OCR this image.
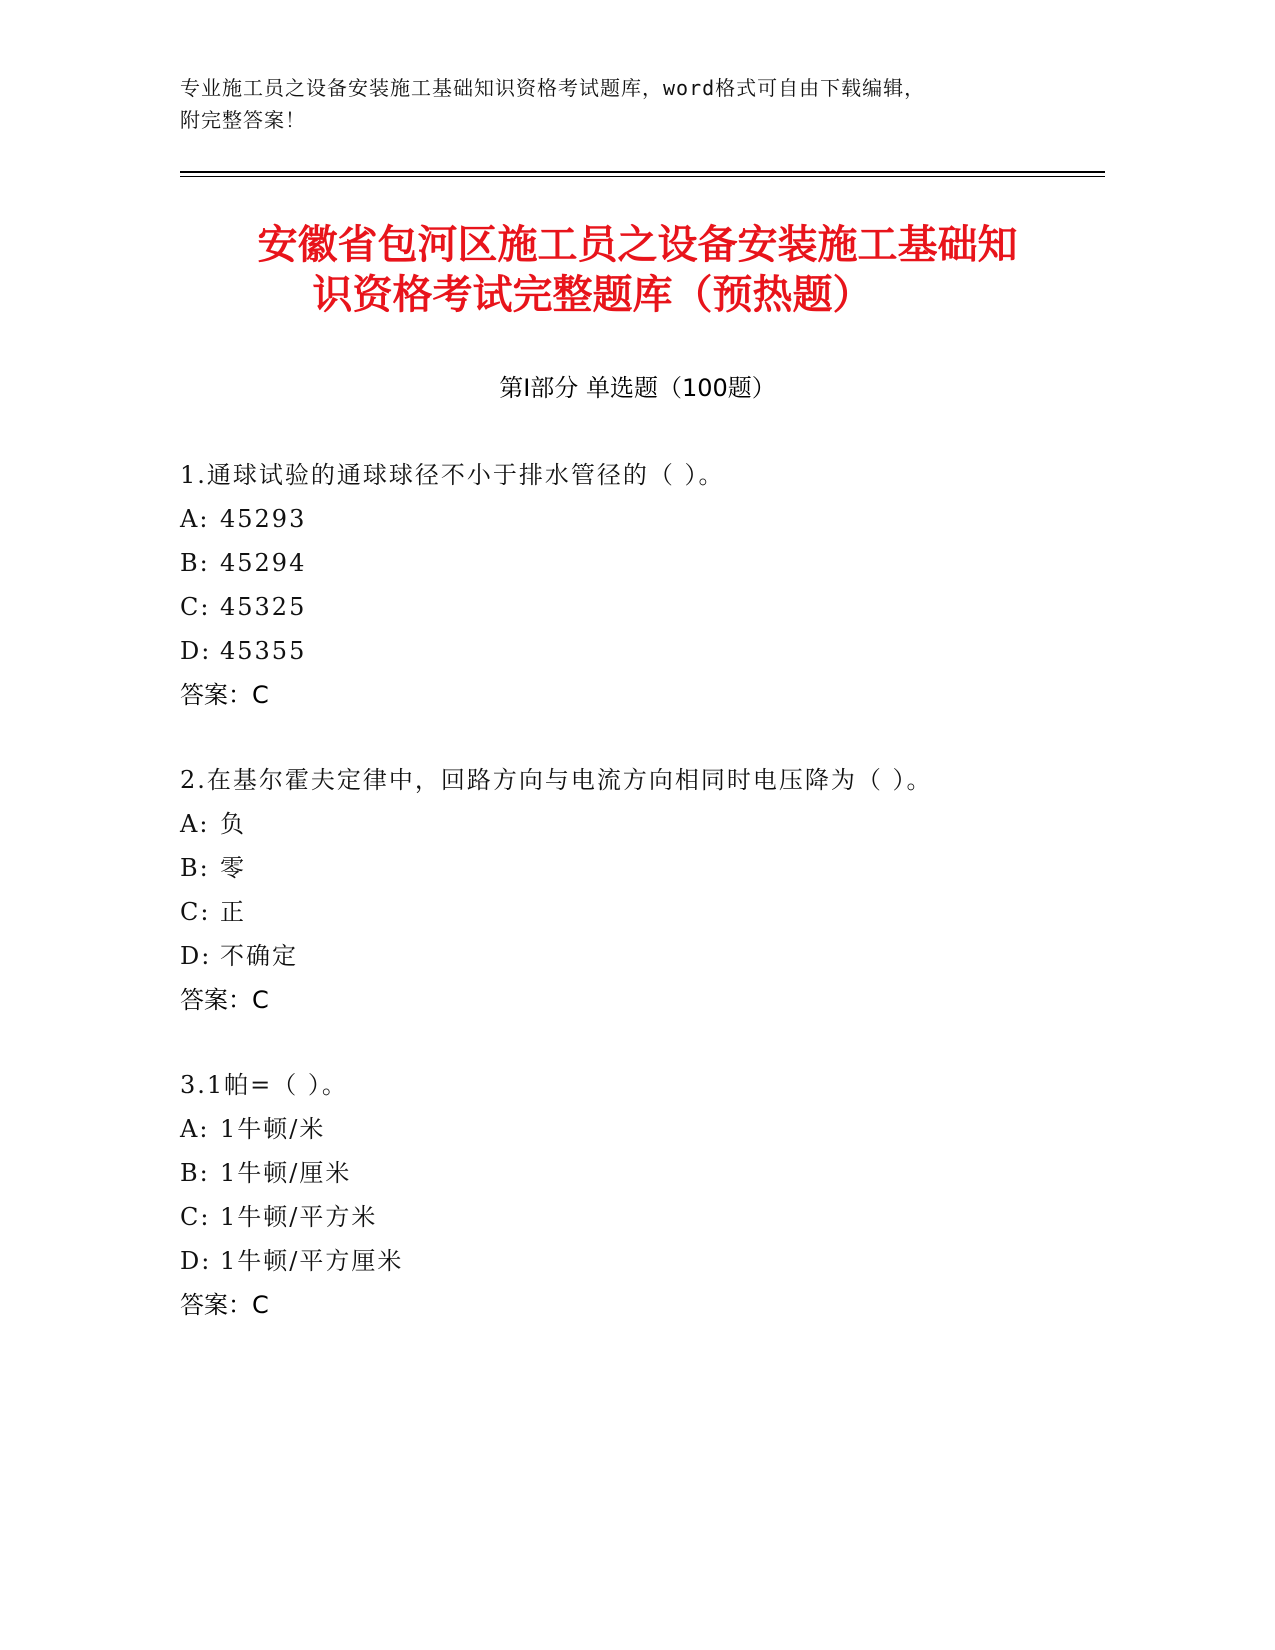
专业施工员之设备安装施工基础知识资格考试题库，word格式可自由下载编辑，
附完整答案！
安徽省包河区施工员之设备安装施工基础知
识资格考试完整题库（预热题）
第Ⅰ部分 单选题（100题）
1.通球试验的通球球径不小于排水管径的（ ）。
A: 45293
B: 45294
C: 45325
D: 45355
答案：C
2.在基尔霍夫定律中，回路方向与电流方向相同时电压降为（ ）。
A: 负
B: 零
C: 正
D: 不确定
答案：C
3.1帕=（ ）。
A: 1牛顿/米
B: 1牛顿/厘米
C: 1牛顿/平方米
D: 1牛顿/平方厘米
答案：C
